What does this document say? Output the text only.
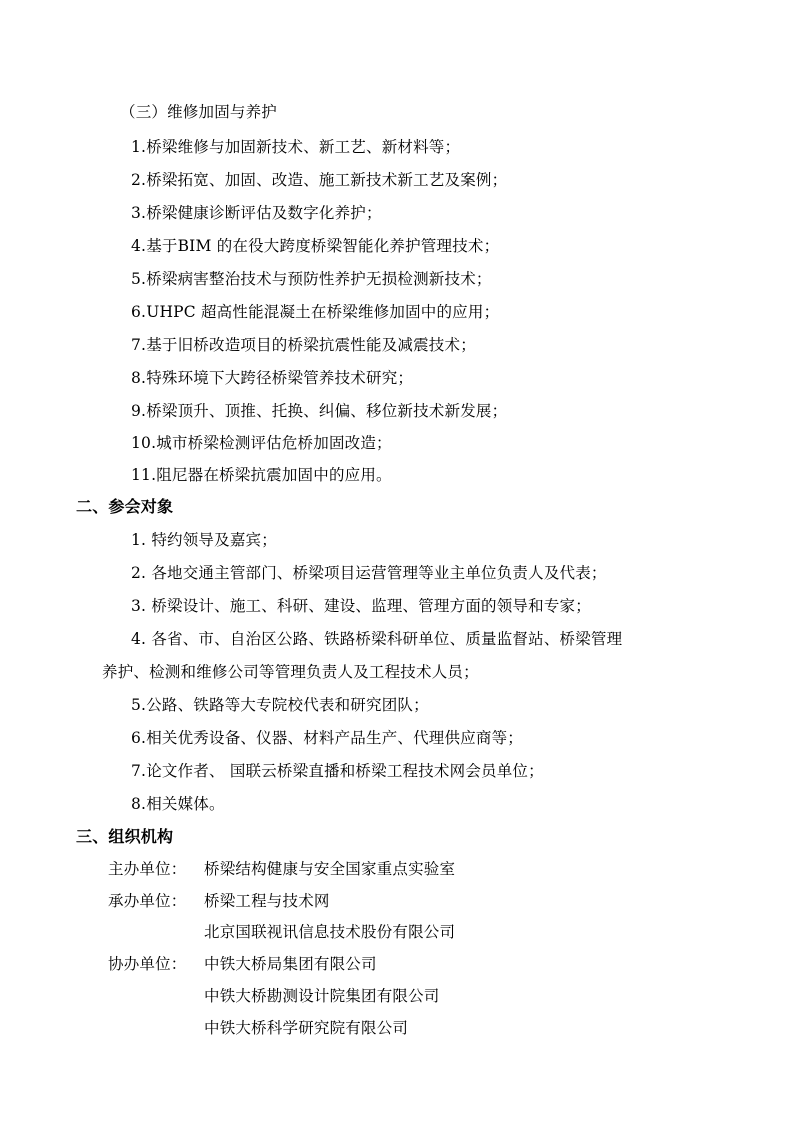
（三）维修加固与养护
1.桥梁维修与加固新技术、新工艺、新材料等；
2.桥梁拓宽、加固、改造、施工新技术新工艺及案例；
3.桥梁健康诊断评估及数字化养护；
4.基于BIM 的在役大跨度桥梁智能化养护管理技术；
5.桥梁病害整治技术与预防性养护无损检测新技术；
6.UHPC 超高性能混凝土在桥梁维修加固中的应用；
7.基于旧桥改造项目的桥梁抗震性能及减震技术；
8.特殊环境下大跨径桥梁管养技术研究；
9.桥梁顶升、顶推、托换、纠偏、移位新技术新发展；
10.城市桥梁检测评估危桥加固改造；
11.阻尼器在桥梁抗震加固中的应用。
二、参会对象
1. 特约领导及嘉宾；
2. 各地交通主管部门、桥梁项目运营管理等业主单位负责人及代表；
3. 桥梁设计、施工、科研、建设、监理、管理方面的领导和专家；
4. 各省、市、自治区公路、铁路桥梁科研单位、质量监督站、桥梁管理
养护、检测和维修公司等管理负责人及工程技术人员；
5.公路、铁路等大专院校代表和研究团队；
6.相关优秀设备、仪器、材料产品生产、代理供应商等；
7.论文作者、 国联云桥梁直播和桥梁工程技术网会员单位；
8.相关媒体。
三、组织机构
主办单位： 桥梁结构健康与安全国家重点实验室
承办单位： 桥梁工程与技术网
北京国联视讯信息技术股份有限公司
协办单位： 中铁大桥局集团有限公司
中铁大桥勘测设计院集团有限公司
中铁大桥科学研究院有限公司
